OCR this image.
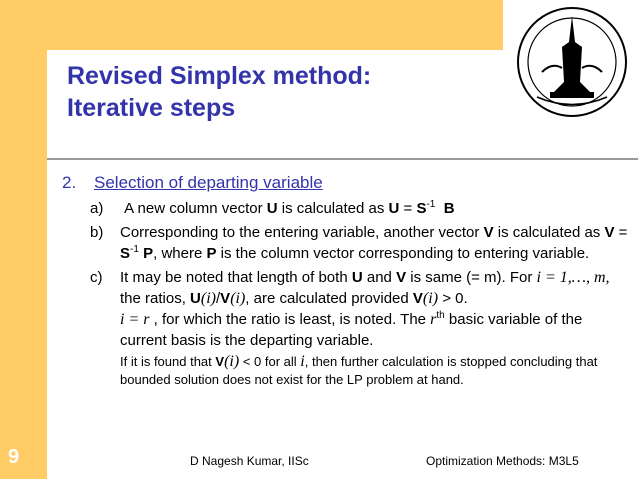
Revised Simplex method:
Iterative steps
2. Selection of departing variable
a) A new column vector U is calculated as $U = S^{-1}$ B
b) Corresponding to the entering variable, another vector V is calculated as $V = S^{-1}$ P, where P is the column vector corresponding to entering variable.
c) It may be noted that length of both U and V is same (= m). For i = 1,…, m, the ratios, U(i)/V(i), are calculated provided V(i) > 0.
i = r , for which the ratio is least, is noted. The $r^{th}$ basic variable of the current basis is the departing variable.
If it is found that V(i) < 0 for all i, then further calculation is stopped concluding that bounded solution does not exist for the LP problem at hand.
9	D Nagesh Kumar, IISc	Optimization Methods: M3L5
